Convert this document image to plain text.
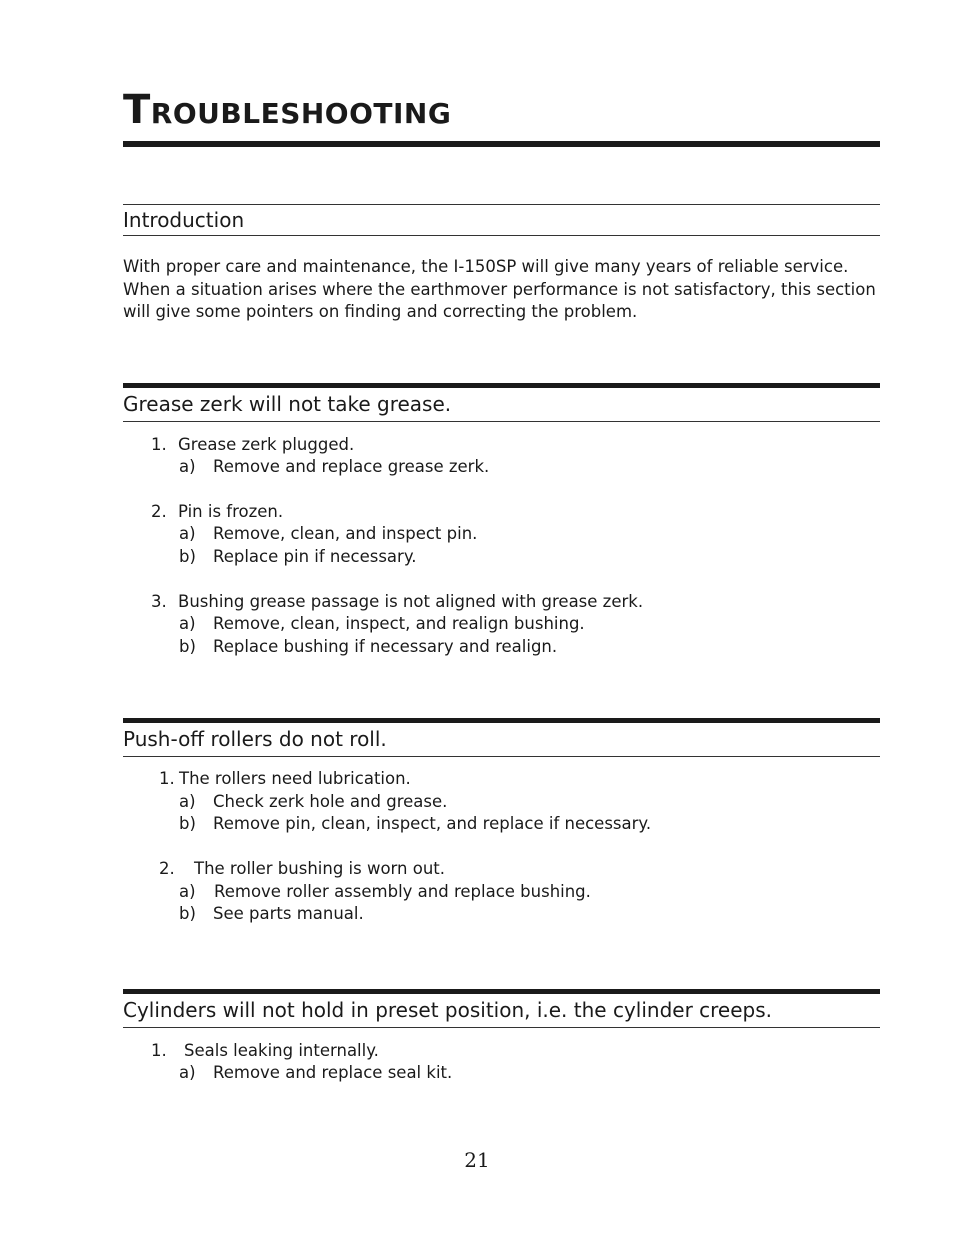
TROUBLESHOOTING
Introduction

With proper care and maintenance, the I-150SP will give many years of reliable service. When a situation arises where the earthmover performance is not satisfactory, this section will give some pointers on finding and correcting the problem.

Grease zerk will not take grease.
1. Grease zerk plugged.
a) Remove and replace grease zerk.
2. Pin is frozen.
a) Remove, clean, and inspect pin.
b) Replace pin if necessary.
3. Bushing grease passage is not aligned with grease zerk.
a) Remove, clean, inspect, and realign bushing.
b) Replace bushing if necessary and realign.
Push-off rollers do not roll.
1. The rollers need lubrication.
a) Check zerk hole and grease.
b) Remove pin, clean, inspect, and replace if necessary.
2. The roller bushing is worn out.
a) Remove roller assembly and replace bushing.
b) See parts manual.
Cylinders will not hold in preset position, i.e. the cylinder creeps.
1. Seals leaking internally.
a) Remove and replace seal kit.
21
